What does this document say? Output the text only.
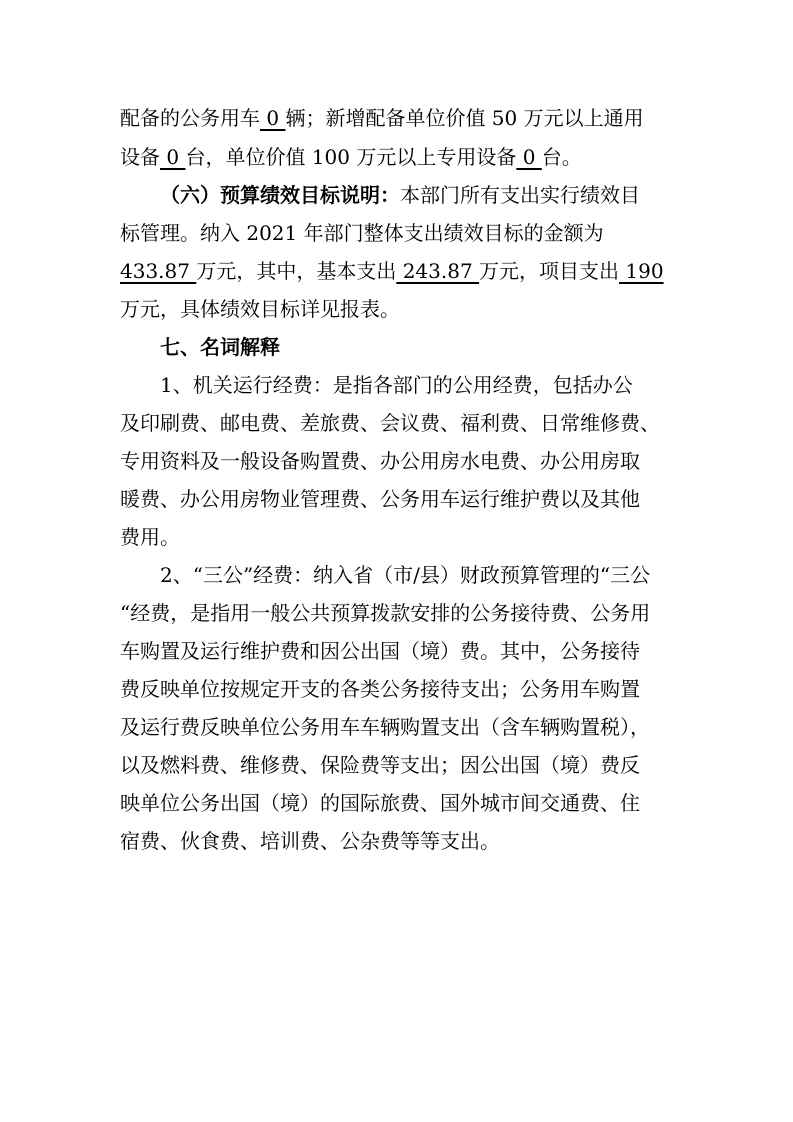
配备的公务用车 0 辆；新增配备单位价值 50 万元以上通用
设备 0 台，单位价值 100 万元以上专用设备 0 台。
（六）预算绩效目标说明：本部门所有支出实行绩效目
标管理。纳入 2021 年部门整体支出绩效目标的金额为
433.87 万元，其中，基本支出 243.87 万元，项目支出 190
万元，具体绩效目标详见报表。
七、名词解释
1、机关运行经费：是指各部门的公用经费，包括办公
及印刷费、邮电费、差旅费、会议费、福利费、日常维修费、
专用资料及一般设备购置费、办公用房水电费、办公用房取
暖费、办公用房物业管理费、公务用车运行维护费以及其他
费用。
2、“三公”经费：纳入省（市/县）财政预算管理的“三公
“经费，是指用一般公共预算拨款安排的公务接待费、公务用
车购置及运行维护费和因公出国（境）费。其中，公务接待
费反映单位按规定开支的各类公务接待支出；公务用车购置
及运行费反映单位公务用车车辆购置支出（含车辆购置税），
以及燃料费、维修费、保险费等支出；因公出国（境）费反
映单位公务出国（境）的国际旅费、国外城市间交通费、住
宿费、伙食费、培训费、公杂费等等支出。
